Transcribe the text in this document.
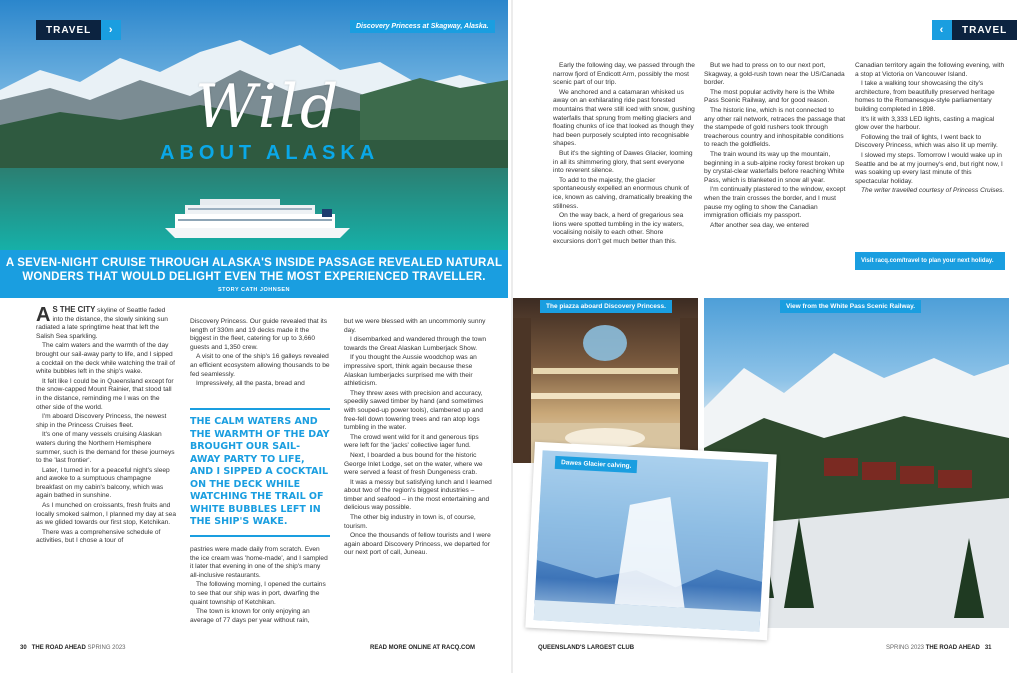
Wild
ABOUT ALASKA
TRAVEL	›	Discovery Princess at Skagway, Alaska.
A SEVEN-NIGHT CRUISE THROUGH ALASKA'S INSIDE PASSAGE REVEALED NATURAL WONDERS THAT WOULD DELIGHT EVEN THE MOST EXPERIENCED TRAVELLER.
STORY CATH JOHNSEN

A S THE CITY skyline of Seattle faded into the distance, the slowly sinking sun radiated a late springtime heat that left the Salish Sea sparkling.

The calm waters and the warmth of the day brought our sail-away party to life, and I sipped a cocktail on the deck while watching the trail of white bubbles left in the ship's wake.

It felt like I could be in Queensland except for the snow-capped Mount Rainier, that stood tall in the distance, reminding me I was on the other side of the world.

I'm aboard Discovery Princess, the newest ship in the Princess Cruises fleet.

It's one of many vessels cruising Alaskan waters during the Northern Hemisphere summer, such is the demand for these journeys to the 'last frontier'.

Later, I turned in for a peaceful night's sleep and awoke to a sumptuous champagne breakfast on my cabin's balcony, which was again bathed in sunshine.

As I munched on croissants, fresh fruits and locally smoked salmon, I planned my day at sea as we glided towards our first stop, Ketchikan.

There was a comprehensive schedule of activities, but I chose a tour of

Discovery Princess. Our guide revealed that its length of 330m and 19 decks made it the biggest in the fleet, catering for up to 3,660 guests and 1,350 crew.

A visit to one of the ship's 16 galleys revealed an efficient ecosystem allowing thousands to be fed seamlessly.

Impressively, all the pasta, bread and

THE CALM WATERS AND THE WARMTH OF THE DAY BROUGHT OUR SAIL-AWAY PARTY TO LIFE, AND I SIPPED A COCKTAIL ON THE DECK WHILE WATCHING THE TRAIL OF WHITE BUBBLES LEFT IN THE SHIP'S WAKE.

pastries were made daily from scratch. Even the ice cream was 'home-made', and I sampled it later that evening in one of the ship's many all-inclusive restaurants.

The following morning, I opened the curtains to see that our ship was in port, dwarfing the quaint township of Ketchikan.

The town is known for only enjoying an average of 77 days per year without rain,

but we were blessed with an uncommonly sunny day.

I disembarked and wandered through the town towards the Great Alaskan Lumberjack Show.

If you thought the Aussie woodchop was an impressive sport, think again because these Alaskan lumberjacks surprised me with their athleticism.

They threw axes with precision and accuracy, speedily sawed timber by hand (and sometimes with souped-up power tools), clambered up and free-fell down towering trees and ran atop logs tumbling in the water.

The crowd went wild for it and generous tips were left for the 'jacks' collective lager fund.

Next, I boarded a bus bound for the historic George Inlet Lodge, set on the water, where we were served a feast of fresh Dungeness crab.

It was a messy but satisfying lunch and I learned about two of the region's biggest industries – timber and seafood – in the most entertaining and delicious way possible.

The other big industry in town is, of course, tourism.

Once the thousands of fellow tourists and I were again aboard Discovery Princess, we departed for our next port of call, Juneau.

30 THE ROAD AHEAD SPRING 2023	READ MORE ONLINE AT RACQ.COM
‹	TRAVEL

Early the following day, we passed through the narrow fjord of Endicott Arm, possibly the most scenic part of our trip.

We anchored and a catamaran whisked us away on an exhilarating ride past forested mountains that were still iced with snow, gushing waterfalls that sprung from melting glaciers and floating chunks of ice that looked as though they had been purposely sculpted into recognisable shapes.

But it's the sighting of Dawes Glacier, looming in all its shimmering glory, that sent everyone into reverent silence.

To add to the majesty, the glacier spontaneously expelled an enormous chunk of ice, known as calving, dramatically breaking the stillness.

On the way back, a herd of gregarious sea lions were spotted tumbling in the icy waters, vocalising noisily to each other. Shore excursions don't get much better than this.

But we had to press on to our next port, Skagway, a gold-rush town near the US/Canada border.

The most popular activity here is the White Pass Scenic Railway, and for good reason.

The historic line, which is not connected to any other rail network, retraces the passage that the stampede of gold rushers took through treacherous country and inhospitable conditions to reach the goldfields.

The train wound its way up the mountain, beginning in a sub-alpine rocky forest broken up by crystal-clear waterfalls before reaching White Pass, which is blanketed in snow all year.

I'm continually plastered to the window, except when the train crosses the border, and I must pause my ogling to show the Canadian immigration officials my passport.

After another sea day, we entered

Canadian territory again the following evening, with a stop at Victoria on Vancouver Island.

I take a walking tour showcasing the city's architecture, from beautifully preserved heritage homes to the Romanesque-style parliamentary building completed in 1898.

It's lit with 3,333 LED lights, casting a magical glow over the harbour.

Following the trail of lights, I went back to Discovery Princess, which was also lit up merrily.

I slowed my steps. Tomorrow I would wake up in Seattle and be at my journey's end, but right now, I was soaking up every last minute of this spectacular holiday.

The writer travelled courtesy of Princess Cruises.

Visit racq.com/travel to plan your next holiday.
The piazza aboard Discovery Princess.	View from the White Pass Scenic Railway.
Dawes Glacier calving.
QUEENSLAND'S LARGEST CLUB	SPRING 2023 THE ROAD AHEAD 31
